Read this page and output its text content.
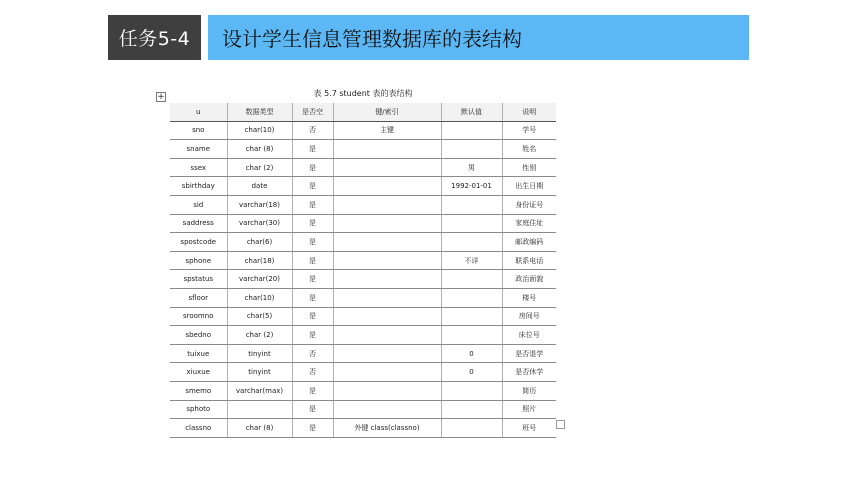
任务5-4 设计学生信息管理数据库的表结构
+	表 5.7 student 表的表结构
u	数据类型	是否空	键/索引	默认值	说明
sno	char(10)	否	主键		学号
sname	char (8)	是			姓名
ssex	char (2)	是		男	性别
sbirthday	date	是		1992-01-01	出生日期
sid	varchar(18)	是			身份证号
saddress	varchar(30)	是			家庭住址
spostcode	char(6)	是			邮政编码
sphone	char(18)	是		不详	联系电话
spstatus	varchar(20)	是			政治面貌
sfloor	char(10)	是			楼号
sroomno	char(5)	是			房间号
sbedno	char (2)	是			床位号
tuixue	tinyint	否		0	是否退学
xiuxue	tinyint	否		0	是否休学
smemo	varchar(max)	是			简历
sphoto		是			照片
classno	char (8)	是	外键 class(classno)		班号
